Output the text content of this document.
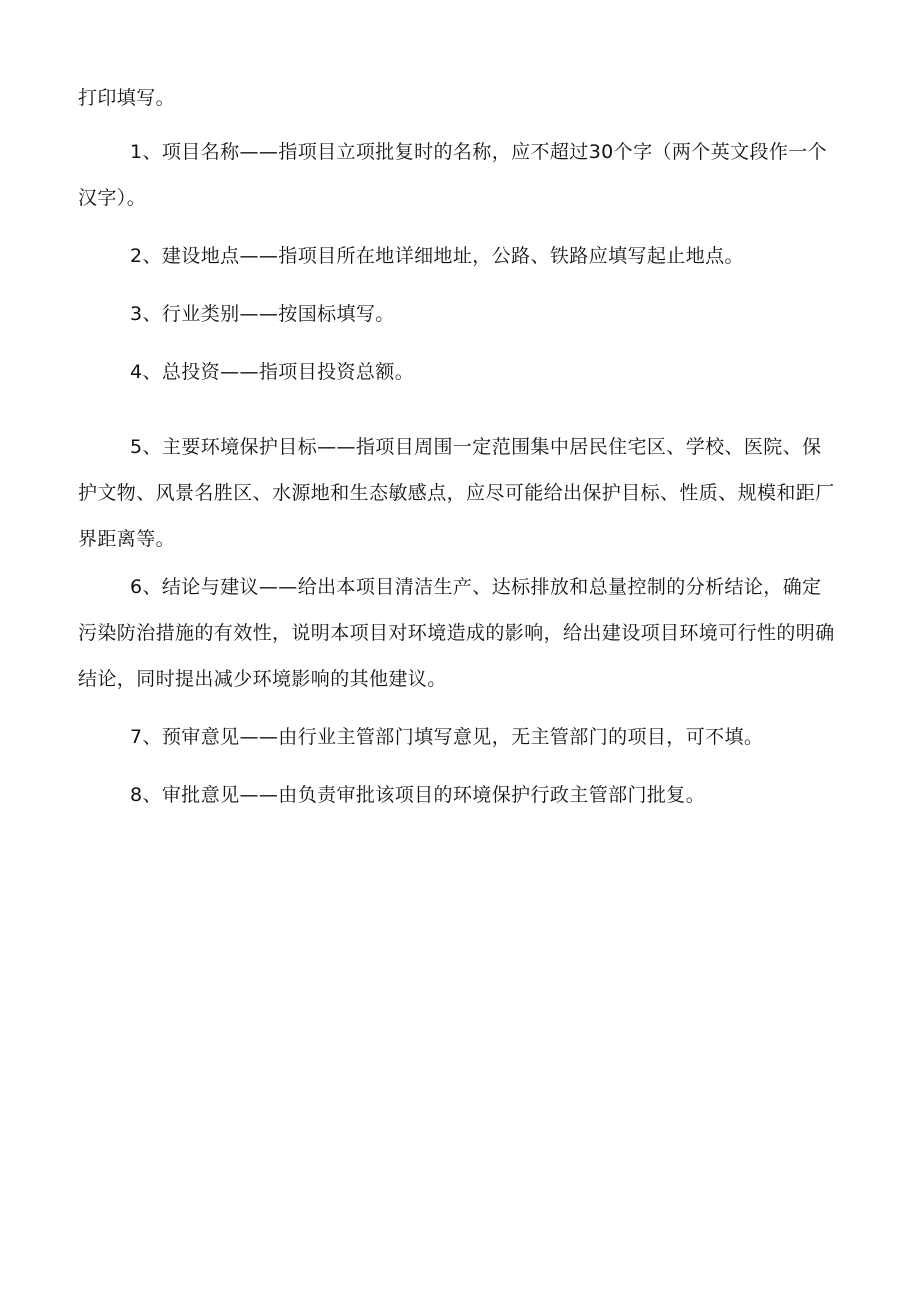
打印填写。

1、项目名称——指项目立项批复时的名称，应不超过30个字（两个英文段作一个汉字）。

2、建设地点——指项目所在地详细地址，公路、铁路应填写起止地点。

3、行业类别——按国标填写。

4、总投资——指项目投资总额。

5、主要环境保护目标——指项目周围一定范围集中居民住宅区、学校、医院、保护文物、风景名胜区、水源地和生态敏感点，应尽可能给出保护目标、性质、规模和距厂界距离等。

6、结论与建议——给出本项目清洁生产、达标排放和总量控制的分析结论，确定污染防治措施的有效性，说明本项目对环境造成的影响，给出建设项目环境可行性的明确结论，同时提出减少环境影响的其他建议。

7、预审意见——由行业主管部门填写意见，无主管部门的项目，可不填。

8、审批意见——由负责审批该项目的环境保护行政主管部门批复。
